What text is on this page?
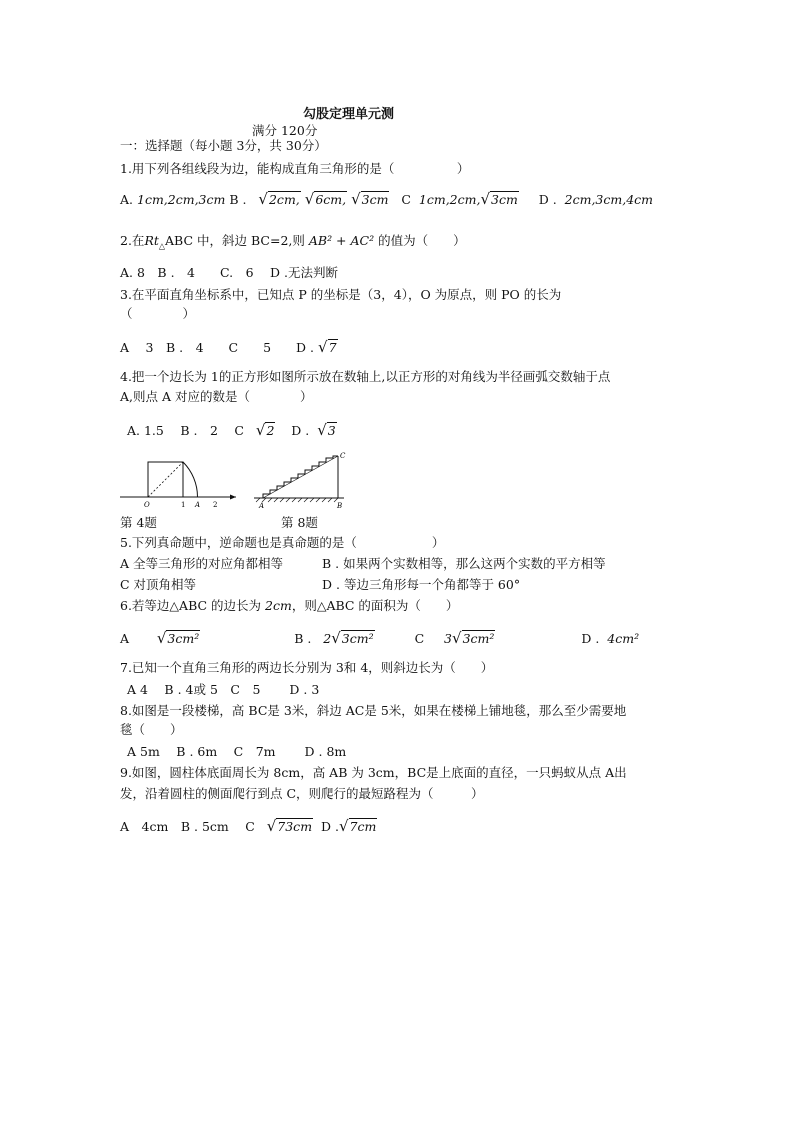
勾股定理单元测
满分 120分
一：选择题（每小题 3分，共 30分）
1.用下列各组线段为边，能构成直角三角形的是（　　　　　）
A. 1cm,2cm,3cm B . √2cm, √6cm, √3cm C 1cm,2cm,√3cm D . 2cm,3cm,4cm
2.在$Rt_\triangle ABC$ 中，斜边 BC=2,则 AB² + AC² 的值为（　　）
A. 8　B .　4　　C.　6　 D .无法判断
3.在平面直角坐标系中，已知点 P 的坐标是（3，4），O 为原点，则 PO 的长为
（　　　　）
A　 3　B .　4　　C　　5　　D . √7
4.把一个边长为 1的正方形如图所示放在数轴上,以正方形的对角线为半径画弧交数轴于点
A,则点 A 对应的数是（　　　　）
A. 1.5　 B .　2　 C √2 D . √3
O	1 A 2	A	B
C
第 4题	第 8题
5.下列真命题中，逆命题也是真命题的是（　　　　　　）
A 全等三角形的对应角都相等	B . 如果两个实数相等，那么这两个实数的平方相等
C 对顶角相等	D . 等边三角形每一个角都等于 60°
6.若等边△ABC 的边长为 2cm，则△ABC 的面积为（　　）
A √3cm²	B . 2√3cm²	C 3√3cm²	D . 4cm²
7.已知一个直角三角形的两边长分别为 3和 4，则斜边长为（　　）
A 4　 B . 4或 5　C　5　　 D . 3
8.如图是一段楼梯，高 BC是 3米，斜边 AC是 5米，如果在楼梯上铺地毯，那么至少需要地
毯（　　）
A 5m　 B . 6m　 C　7m　　 D . 8m
9.如图，圆柱体底面周长为 8cm，高 AB 为 3cm，BC是上底面的直径，一只蚂蚁从点 A出
发，沿着圆柱的侧面爬行到点 C，则爬行的最短路程为（　　　）
A　4cm　B . 5cm　 C √73cm D .√7cm
